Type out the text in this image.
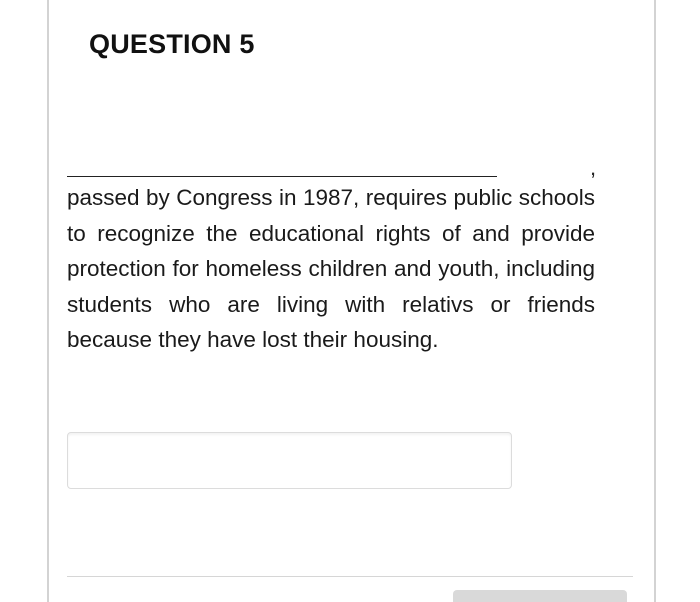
QUESTION 5
,
passed by Congress in 1987, requires public schools to recognize the educational rights of and provide protection for homeless children and youth, including students who are living with relativs or friends because they have lost their housing.
